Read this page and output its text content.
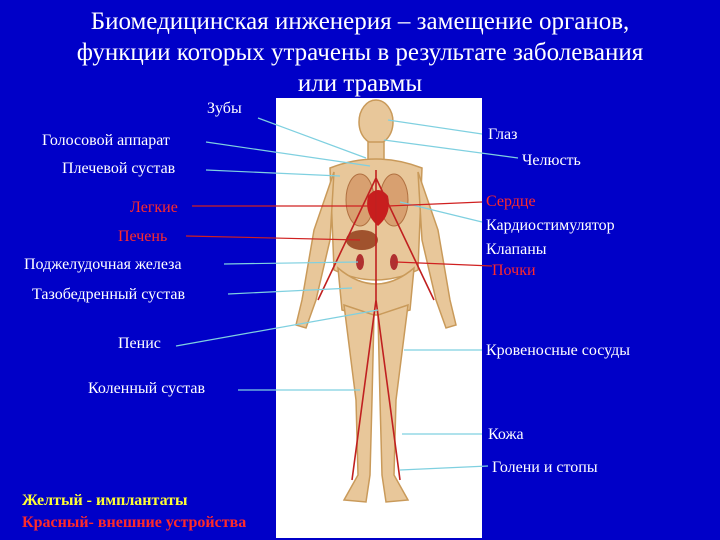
Биомедицинская инженерия – замещение органов,
функции которых утрачены в результате заболевания
или травмы
Зубы
Голосовой аппарат
Плечевой сустав
Легкие
Печень
Поджелудочная железа
Тазобедренный сустав
Пенис
Коленный сустав
Глаз
Челюсть
Сердце
Кардиостимулятор
Клапаны
Почки
Кровеносные сосуды
Кожа
Голени и стопы
Желтый - имплантаты
Красный- внешние устройства
